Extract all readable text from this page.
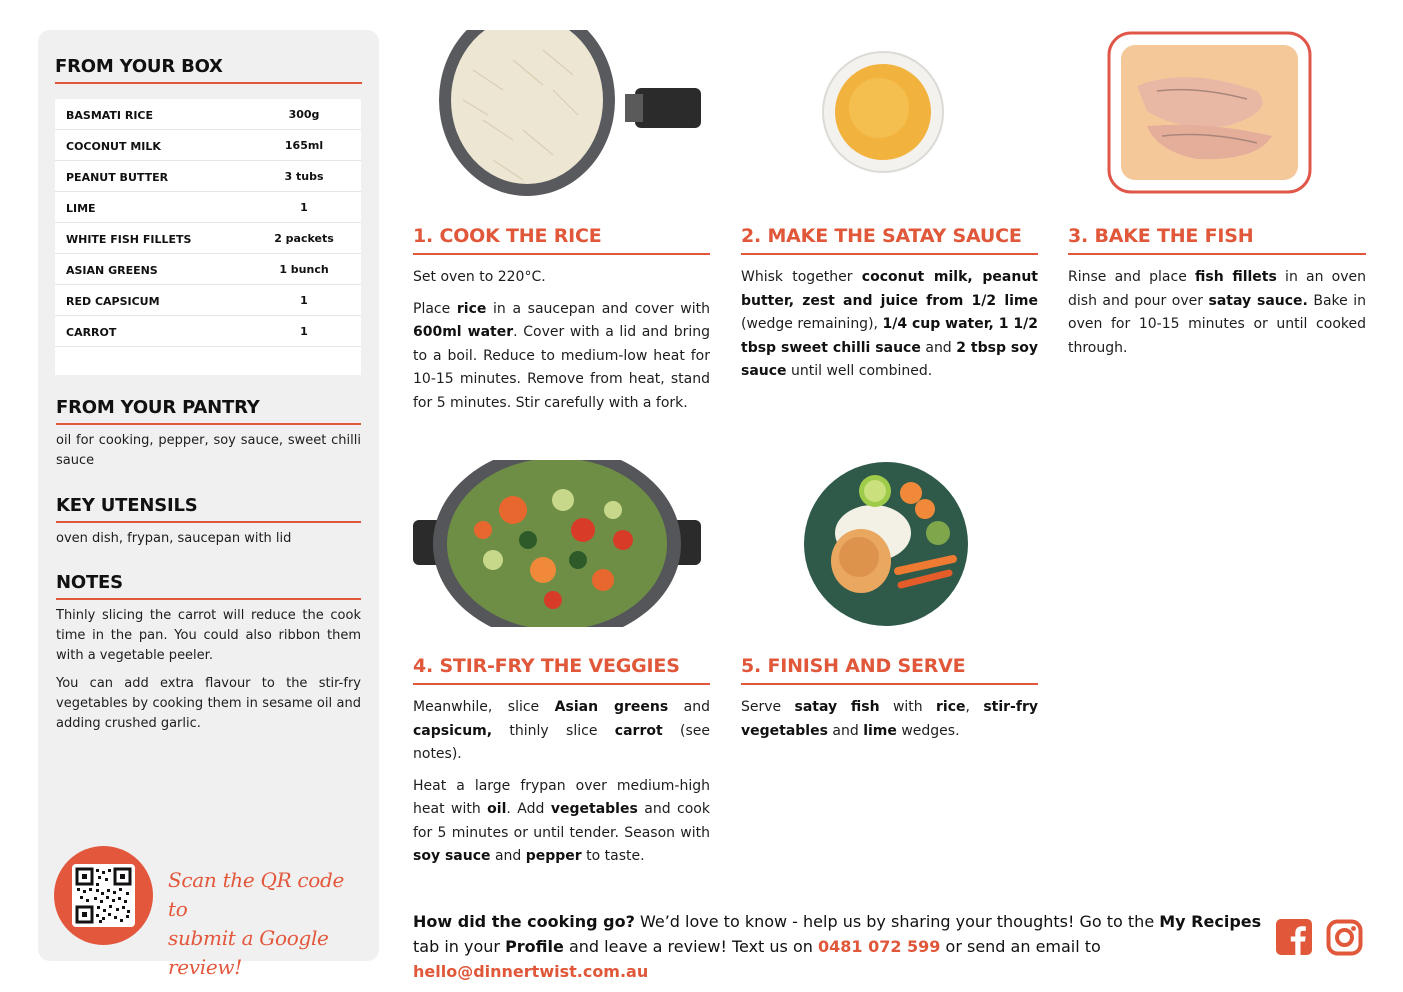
FROM YOUR BOX
BASMATI RICE	300g
COCONUT MILK	165ml
PEANUT BUTTER	3 tubs
LIME	1
WHITE FISH FILLETS	2 packets
ASIAN GREENS	1 bunch
RED CAPSICUM	1
CARROT	1
FROM YOUR PANTRY
oil for cooking, pepper, soy sauce, sweet chilli sauce
KEY UTENSILS
oven dish, frypan, saucepan with lid
NOTES
Thinly slicing the carrot will reduce the cook time in the pan. You could also ribbon them with a vegetable peeler.
You can add extra flavour to the stir-fry vegetables by cooking them in sesame oil and adding crushed garlic.
Scan the QR code to
submit a Google review!
1. COOK THE RICE

Set oven to 220°C.

Place rice in a saucepan and cover with 600ml water. Cover with a lid and bring to a boil. Reduce to medium-low heat for 10-15 minutes. Remove from heat, stand for 5 minutes. Stir carefully with a fork.

2. MAKE THE SATAY SAUCE

Whisk together coconut milk, peanut butter, zest and juice from 1/2 lime (wedge remaining), 1/4 cup water, 1 1/2 tbsp sweet chilli sauce and 2 tbsp soy sauce until well combined.

3. BAKE THE FISH

Rinse and place fish fillets in an oven dish and pour over satay sauce. Bake in oven for 10-15 minutes or until cooked through.

4. STIR-FRY THE VEGGIES

Meanwhile, slice Asian greens and capsicum, thinly slice carrot (see notes).

Heat a large frypan over medium-high heat with oil. Add vegetables and cook for 5 minutes or until tender. Season with soy sauce and pepper to taste.

5. FINISH AND SERVE

Serve satay fish with rice, stir-fry vegetables and lime wedges.

How did the cooking go? We’d love to know - help us by sharing your thoughts! Go to the My Recipes tab in your Profile and leave a review! Text us on 0481 072 599 or send an email to hello@dinnertwist.com.au
